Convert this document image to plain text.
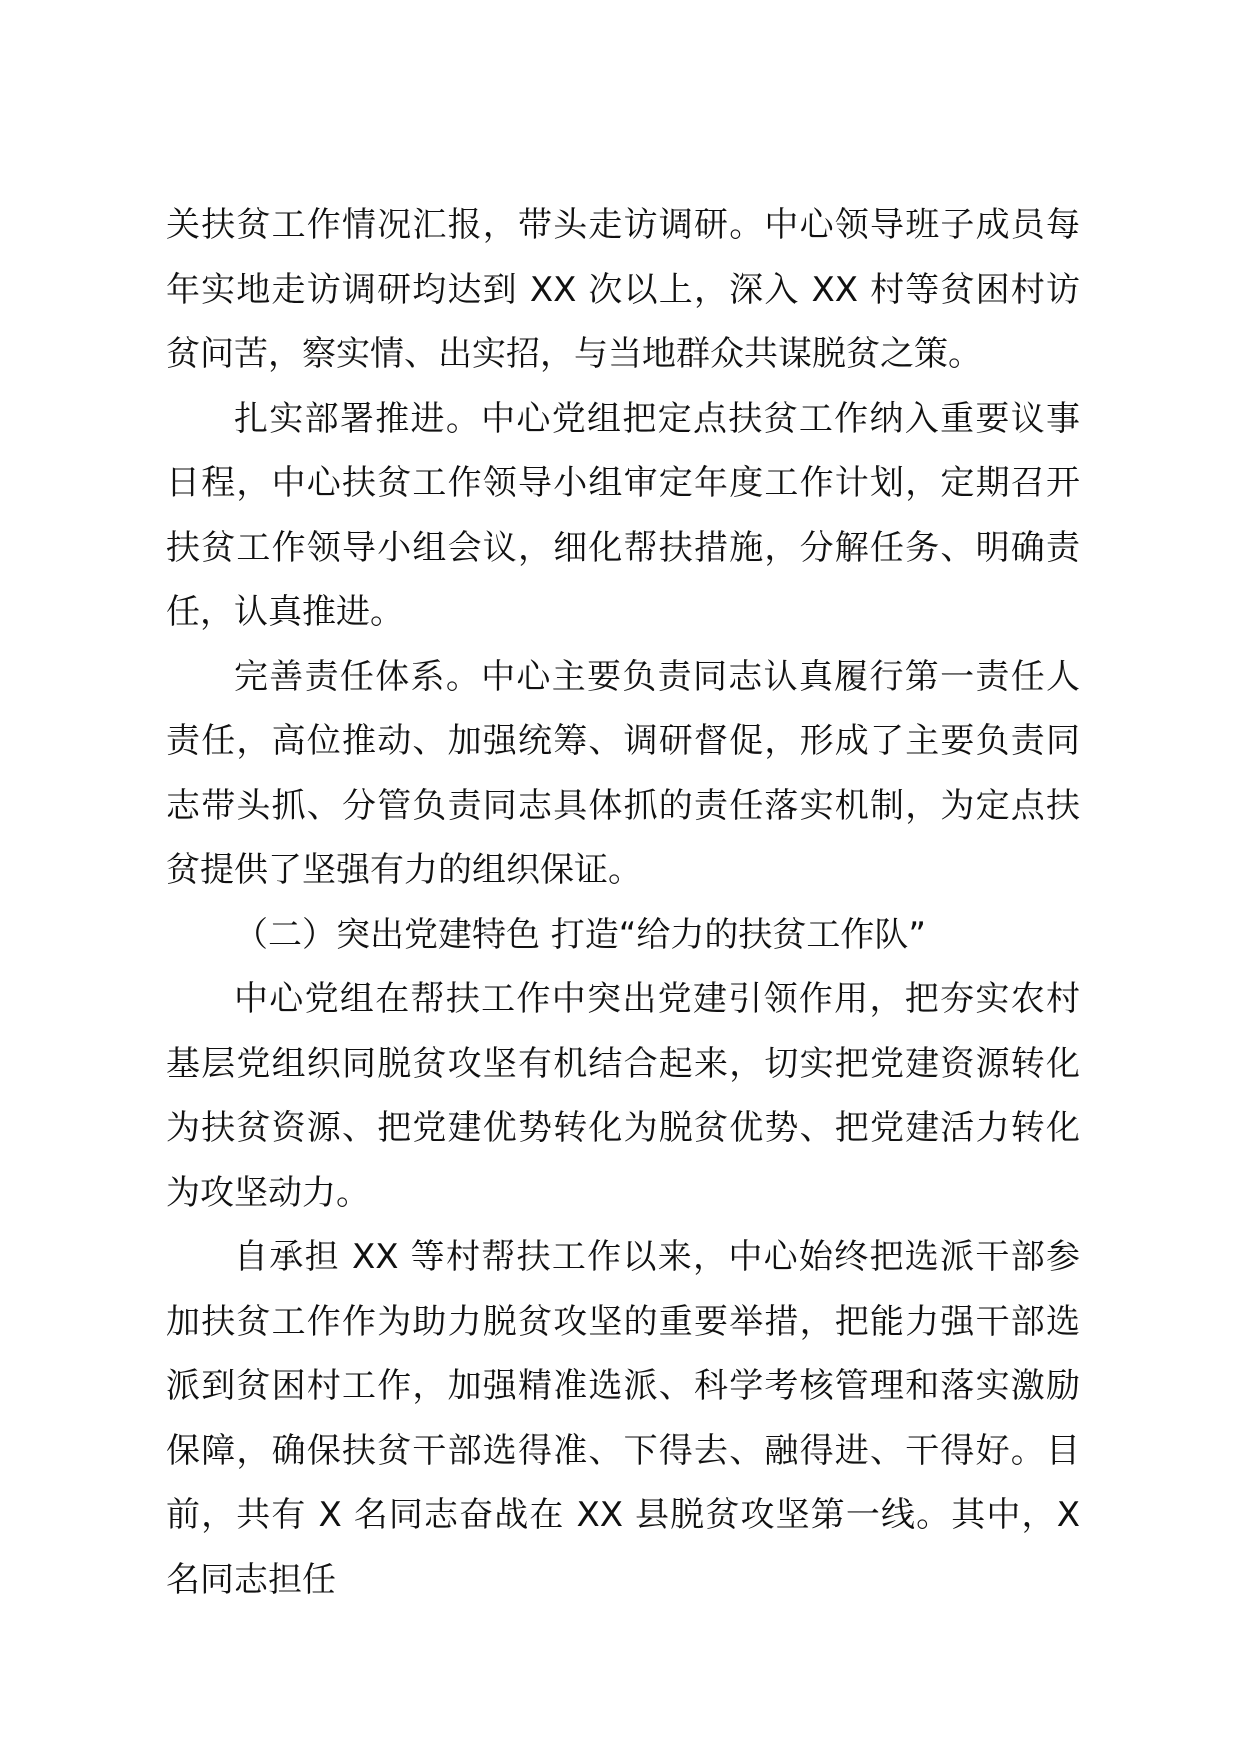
关扶贫工作情况汇报，带头走访调研。中心领导班子成员每年实地走访调研均达到 XX 次以上，深入 XX 村等贫困村访贫问苦，察实情、出实招，与当地群众共谋脱贫之策。

扎实部署推进。中心党组把定点扶贫工作纳入重要议事日程，中心扶贫工作领导小组审定年度工作计划，定期召开扶贫工作领导小组会议，细化帮扶措施，分解任务、明确责任，认真推进。

完善责任体系。中心主要负责同志认真履行第一责任人责任，高位推动、加强统筹、调研督促，形成了主要负责同志带头抓、分管负责同志具体抓的责任落实机制，为定点扶贫提供了坚强有力的组织保证。

（二）突出党建特色 打造“给力的扶贫工作队”

中心党组在帮扶工作中突出党建引领作用，把夯实农村基层党组织同脱贫攻坚有机结合起来，切实把党建资源转化为扶贫资源、把党建优势转化为脱贫优势、把党建活力转化为攻坚动力。

自承担 XX 等村帮扶工作以来，中心始终把选派干部参加扶贫工作作为助力脱贫攻坚的重要举措，把能力强干部选派到贫困村工作，加强精准选派、科学考核管理和落实激励保障，确保扶贫干部选得准、下得去、融得进、干得好。目前，共有 X 名同志奋战在 XX 县脱贫攻坚第一线。其中，X 名同志担任
